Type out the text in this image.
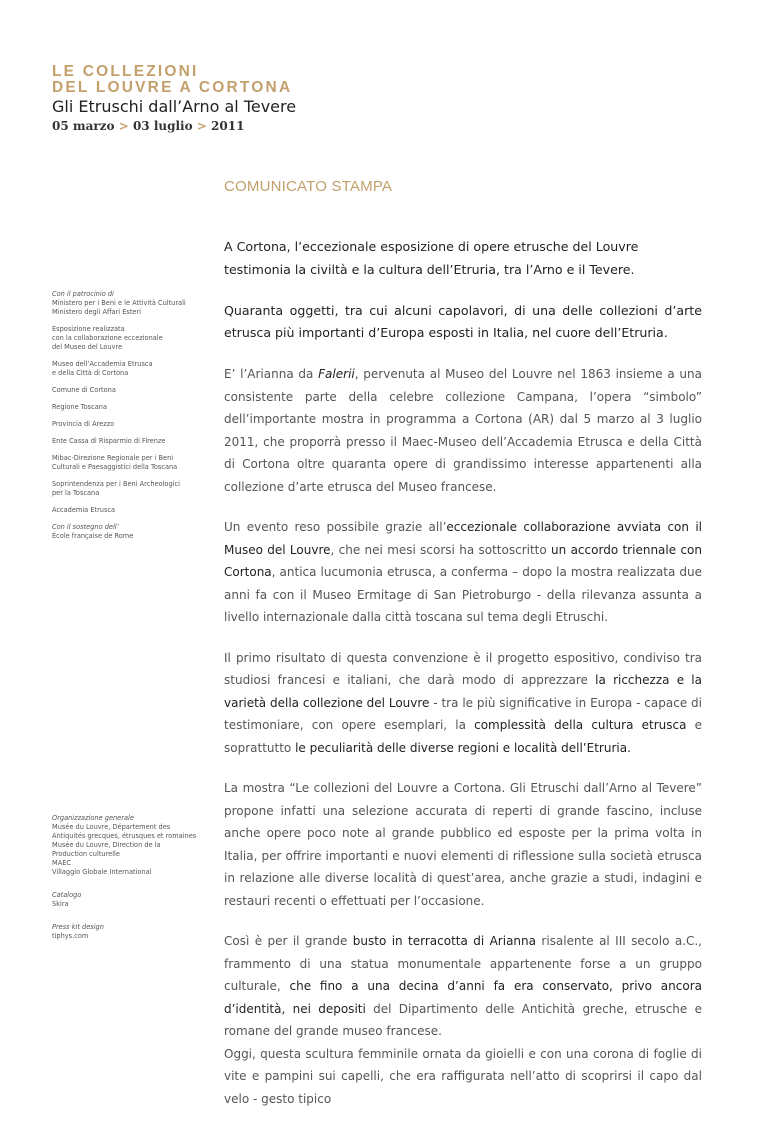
LE COLLEZIONI
DEL LOUVRE A CORTONA
Gli Etruschi dall’Arno al Tevere
05 marzo > 03 luglio > 2011
COMUNICATO STAMPA
Con il patrocinio di
Ministero per i Beni e le Attività Culturali
Ministero degli Affari Esteri
Esposizione realizzata
con la collaborazione eccezionale
del Museo del Louvre
Museo dell’Accademia Etrusca
e della Città di Cortona
Comune di Cortona
Regione Toscana
Provincia di Arezzo
Ente Cassa di Risparmio di Firenze
Mibac-Direzione Regionale per i Beni
Culturali e Paesaggistici della Toscana
Soprintendenza per i Beni Archeologici
per la Toscana
Accademia Etrusca
Con il sostegno dell’
École française de Rome
Organizzazione generale
Musée du Louvre, Département des
Antiquités grecques, étrusques et romaines
Musée du Louvre, Direction de la
Production culturelle
MAEC
Villaggio Globale International
Catalogo
Skira
Press kit design
tiphys.com

A Cortona, l’eccezionale esposizione di opere etrusche del Louvre testimonia la civiltà e la cultura dell’Etruria, tra l’Arno e il Tevere.

Quaranta oggetti, tra cui alcuni capolavori, di una delle collezioni d’arte etrusca più importanti d’Europa esposti in Italia, nel cuore dell’Etruria.

E’ l’Arianna da Falerii, pervenuta al Museo del Louvre nel 1863 insieme a una consistente parte della celebre collezione Campana, l’opera “simbolo” dell’importante mostra in programma a Cortona (AR) dal 5 marzo al 3 luglio 2011, che proporrà presso il Maec-Museo dell’Accademia Etrusca e della Città di Cortona oltre quaranta opere di grandissimo interesse appartenenti alla collezione d’arte etrusca del Museo francese.

Un evento reso possibile grazie all’eccezionale collaborazione avviata con il Museo del Louvre, che nei mesi scorsi ha sottoscritto un accordo triennale con Cortona, antica lucumonia etrusca, a conferma – dopo la mostra realizzata due anni fa con il Museo Ermitage di San Pietroburgo - della rilevanza assunta a livello internazionale dalla città toscana sul tema degli Etruschi.

Il primo risultato di questa convenzione è il progetto espositivo, condiviso tra studiosi francesi e italiani, che darà modo di apprezzare la ricchezza e la varietà della collezione del Louvre - tra le più significative in Europa - capace di testimoniare, con opere esemplari, la complessità della cultura etrusca e soprattutto le peculiarità delle diverse regioni e località dell’Etruria.

La mostra “Le collezioni del Louvre a Cortona. Gli Etruschi dall’Arno al Tevere” propone infatti una selezione accurata di reperti di grande fascino, incluse anche opere poco note al grande pubblico ed esposte per la prima volta in Italia, per offrire importanti e nuovi elementi di riflessione sulla società etrusca in relazione alle diverse località di quest’area, anche grazie a studi, indagini e restauri recenti o effettuati per l’occasione.

Così è per il grande busto in terracotta di Arianna risalente al III secolo a.C., frammento di una statua monumentale appartenente forse a un gruppo culturale, che fino a una decina d’anni fa era conservato, privo ancora d’identità, nei depositi del Dipartimento delle Antichità greche, etrusche e romane del grande museo francese.

Oggi, questa scultura femminile ornata da gioielli e con una corona di foglie di vite e pampini sui capelli, che era raffigurata nell’atto di scoprirsi il capo dal velo - gesto tipico
